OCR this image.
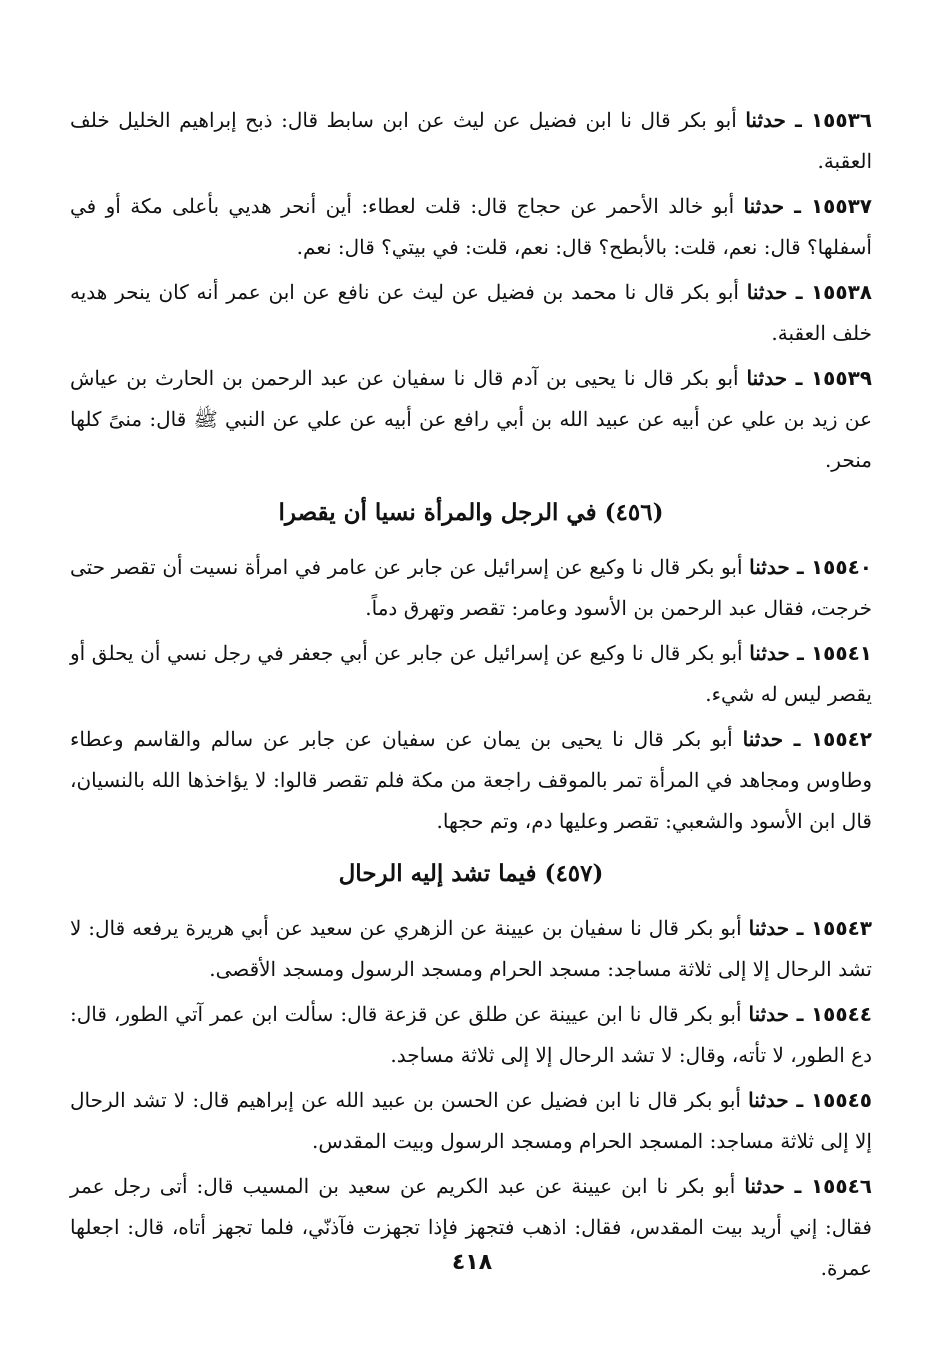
١٥٥٣٦ ـ حدثنا أبو بكر قال نا ابن فضيل عن ليث عن ابن سابط قال: ذبح إبراهيم الخليل خلف العقبة.

١٥٥٣٧ ـ حدثنا أبو خالد الأحمر عن حجاج قال: قلت لعطاء: أين أنحر هديي بأعلى مكة أو في أسفلها؟ قال: نعم، قلت: بالأبطح؟ قال: نعم، قلت: في بيتي؟ قال: نعم.

١٥٥٣٨ ـ حدثنا أبو بكر قال نا محمد بن فضيل عن ليث عن نافع عن ابن عمر أنه كان ينحر هديه خلف العقبة.

١٥٥٣٩ ـ حدثنا أبو بكر قال نا يحيى بن آدم قال نا سفيان عن عبد الرحمن بن الحارث بن عياش عن زيد بن علي عن أبيه عن عبيد الله بن أبي رافع عن أبيه عن علي عن النبي ﷺ قال: منىً كلها منحر.

(٤٥٦) في الرجل والمرأة نسيا أن يقصرا

١٥٥٤٠ ـ حدثنا أبو بكر قال نا وكيع عن إسرائيل عن جابر عن عامر في امرأة نسيت أن تقصر حتى خرجت، فقال عبد الرحمن بن الأسود وعامر: تقصر وتهرق دماً.

١٥٥٤١ ـ حدثنا أبو بكر قال نا وكيع عن إسرائيل عن جابر عن أبي جعفر في رجل نسي أن يحلق أو يقصر ليس له شيء.

١٥٥٤٢ ـ حدثنا أبو بكر قال نا يحيى بن يمان عن سفيان عن جابر عن سالم والقاسم وعطاء وطاوس ومجاهد في المرأة تمر بالموقف راجعة من مكة فلم تقصر قالوا: لا يؤاخذها الله بالنسيان، قال ابن الأسود والشعبي: تقصر وعليها دم، وتم حجها.

(٤٥٧) فيما تشد إليه الرحال

١٥٥٤٣ ـ حدثنا أبو بكر قال نا سفيان بن عيينة عن الزهري عن سعيد عن أبي هريرة يرفعه قال: لا تشد الرحال إلا إلى ثلاثة مساجد: مسجد الحرام ومسجد الرسول ومسجد الأقصى.

١٥٥٤٤ ـ حدثنا أبو بكر قال نا ابن عيينة عن طلق عن قزعة قال: سألت ابن عمر آتي الطور، قال: دع الطور، لا تأته، وقال: لا تشد الرحال إلا إلى ثلاثة مساجد.

١٥٥٤٥ ـ حدثنا أبو بكر قال نا ابن فضيل عن الحسن بن عبيد الله عن إبراهيم قال: لا تشد الرحال إلا إلى ثلاثة مساجد: المسجد الحرام ومسجد الرسول وبيت المقدس.

١٥٥٤٦ ـ حدثنا أبو بكر نا ابن عيينة عن عبد الكريم عن سعيد بن المسيب قال: أتى رجل عمر فقال: إني أريد بيت المقدس، فقال: اذهب فتجهز فإذا تجهزت فآذنّي، فلما تجهز أتاه، قال: اجعلها عمرة.

٤١٨
